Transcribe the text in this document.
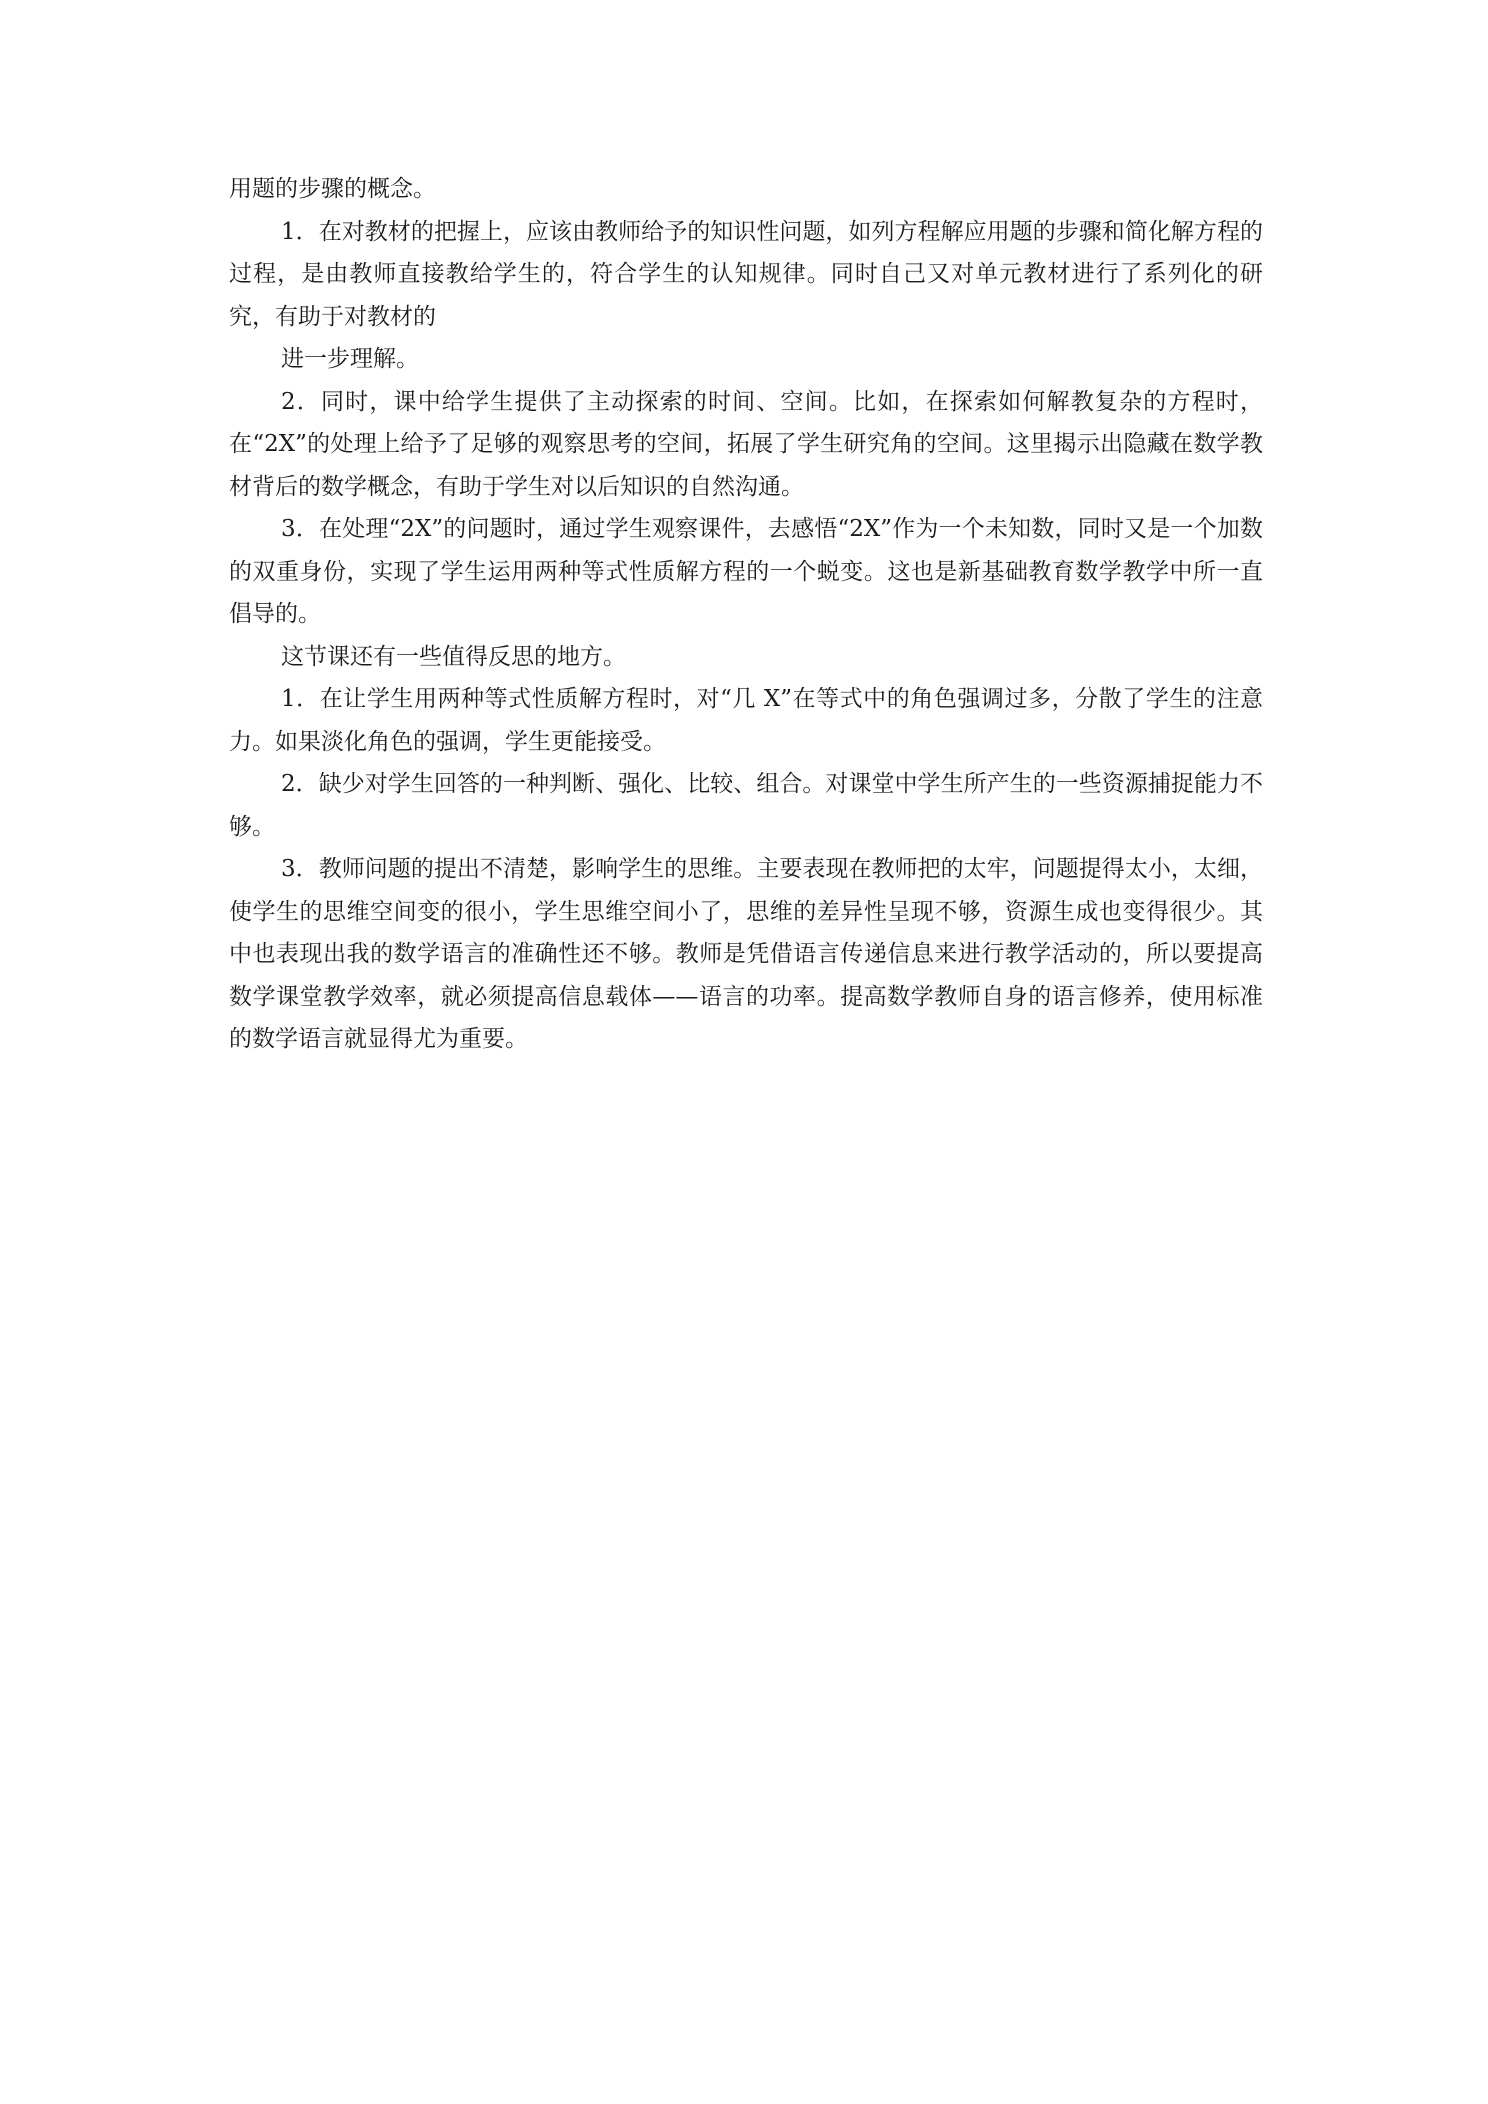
用题的步骤的概念。

1．在对教材的把握上，应该由教师给予的知识性问题，如列方程解应用题的步骤和简化解方程的过程，是由教师直接教给学生的，符合学生的认知规律。同时自己又对单元教材进行了系列化的研究，有助于对教材的

进一步理解。

2．同时，课中给学生提供了主动探索的时间、空间。比如，在探索如何解教复杂的方程时，在“2X”的处理上给予了足够的观察思考的空间，拓展了学生研究角的空间。这里揭示出隐藏在数学教材背后的数学概念，有助于学生对以后知识的自然沟通。

3．在处理“2X”的问题时，通过学生观察课件，去感悟“2X”作为一个未知数，同时又是一个加数的双重身份，实现了学生运用两种等式性质解方程的一个蜕变。这也是新基础教育数学教学中所一直倡导的。

这节课还有一些值得反思的地方。

1．在让学生用两种等式性质解方程时，对“几 X”在等式中的角色强调过多，分散了学生的注意力。如果淡化角色的强调，学生更能接受。

2．缺少对学生回答的一种判断、强化、比较、组合。对课堂中学生所产生的一些资源捕捉能力不够。

3．教师问题的提出不清楚，影响学生的思维。主要表现在教师把的太牢，问题提得太小，太细，使学生的思维空间变的很小，学生思维空间小了，思维的差异性呈现不够，资源生成也变得很少。其中也表现出我的数学语言的准确性还不够。教师是凭借语言传递信息来进行教学活动的，所以要提高数学课堂教学效率，就必须提高信息载体——语言的功率。提高数学教师自身的语言修养，使用标准的数学语言就显得尤为重要。
